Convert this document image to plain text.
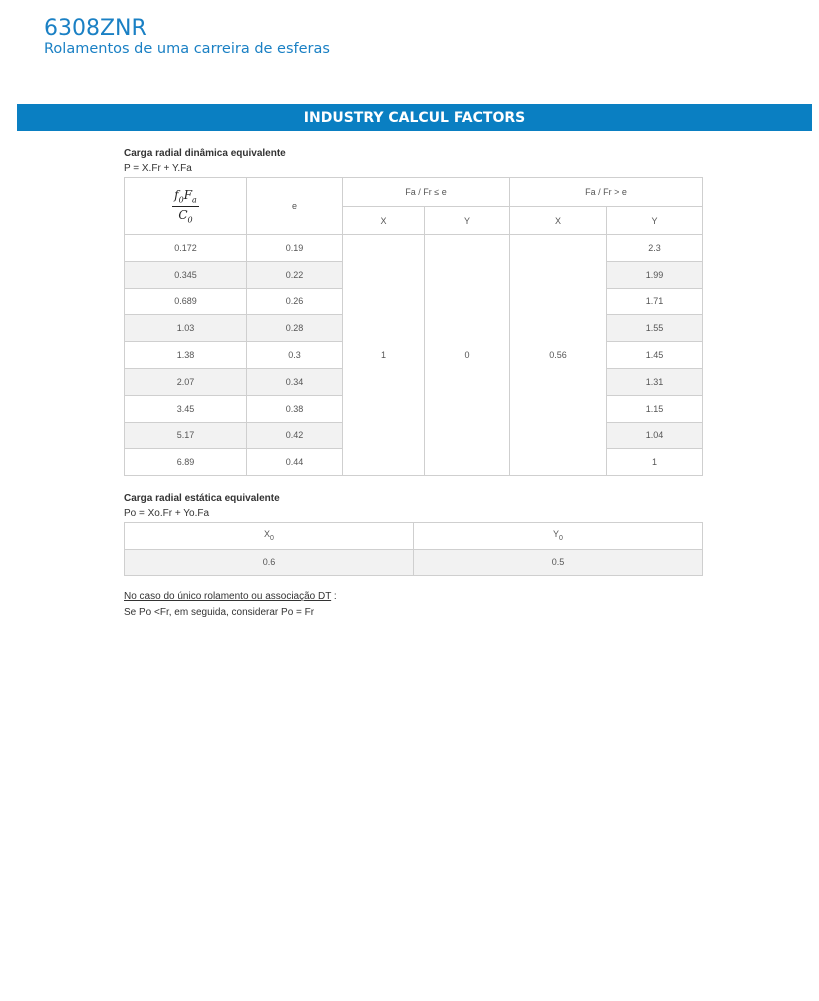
6308ZNR
Rolamentos de uma carreira de esferas
INDUSTRY CALCUL FACTORS
Carga radial dinâmica equivalente
P = X.Fr + Y.Fa
$\frac{f_0F_a}{C_0}$	e	Fa / Fr ≤ e		Fa / Fr > e	
		X	Y	X	Y
0.172	0.19	1	0	0.56	2.3
0.345	0.22				1.99
0.689	0.26				1.71
1.03	0.28				1.55
1.38	0.3				1.45
2.07	0.34				1.31
3.45	0.38				1.15
5.17	0.42				1.04
6.89	0.44				1
Carga radial estática equivalente
Po = Xo.Fr + Yo.Fa
$X_0$	$Y_0$
0.6	0.5
No caso do único rolamento ou associação DT :
Se Po <Fr, em seguida, considerar Po = Fr
